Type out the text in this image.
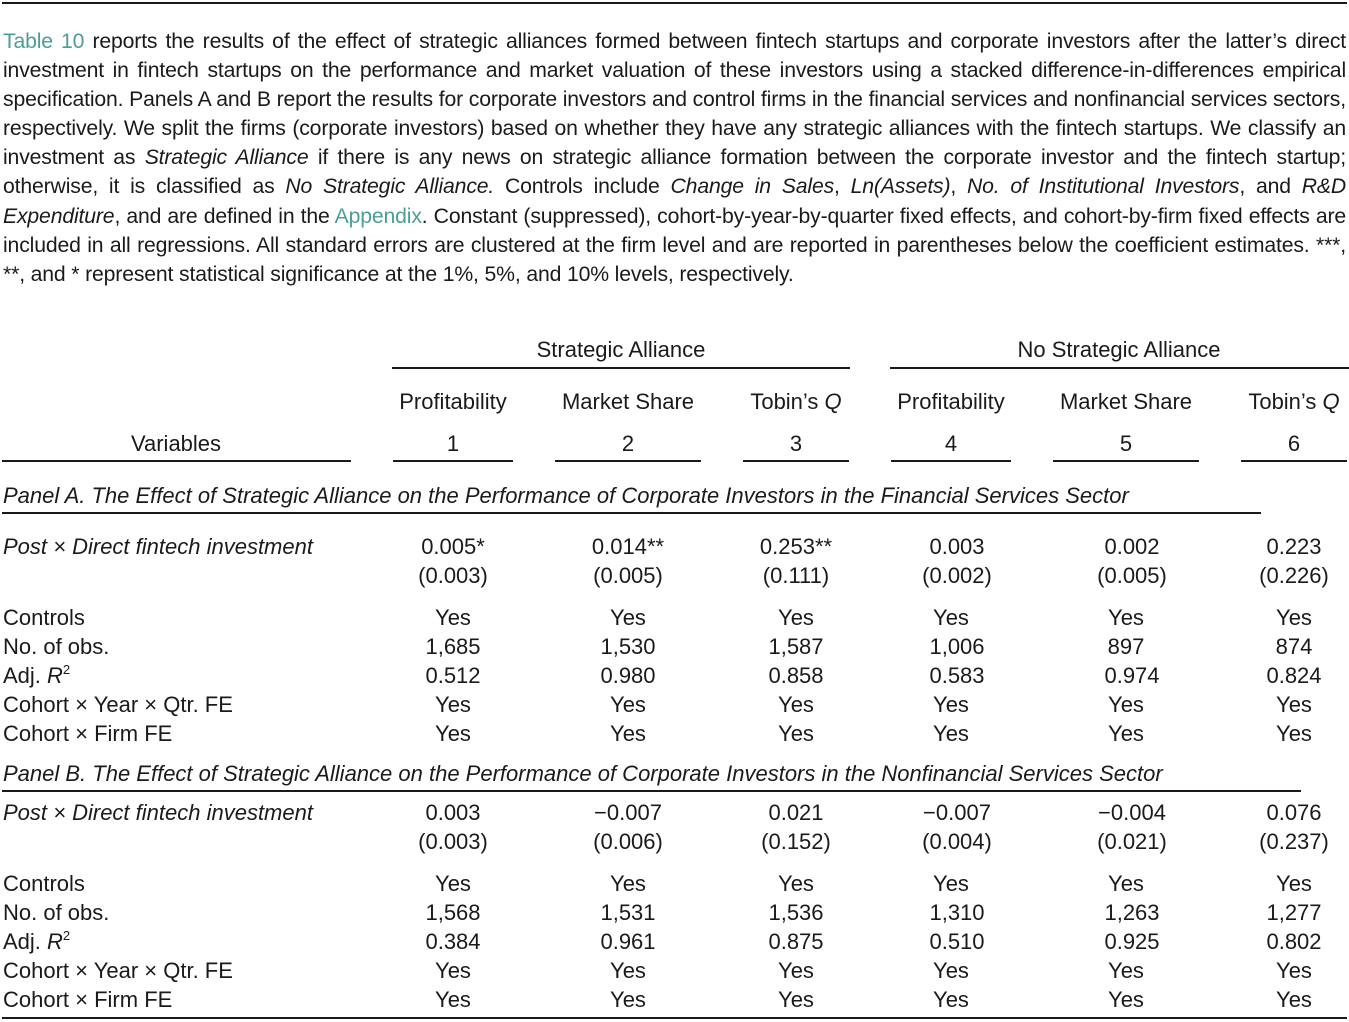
Table 10 reports the results of the effect of strategic alliances formed between fintech startups and corporate investors after the latter’s direct investment in fintech startups on the performance and market valuation of these investors using a stacked difference-in-differences empirical specification. Panels A and B report the results for corporate investors and control firms in the financial services and nonfinancial services sectors, respectively. We split the firms (corporate investors) based on whether they have any strategic alliances with the fintech startups. We classify an investment as Strategic Alliance if there is any news on strategic alliance formation between the corporate investor and the fintech startup; otherwise, it is classified as No Strategic Alliance. Controls include Change in Sales, Ln(Assets), No. of Institutional Investors, and R&D Expenditure, and are defined in the Appendix. Constant (suppressed), cohort-by-year-by-quarter fixed effects, and cohort-by-firm fixed effects are included in all regressions. All standard errors are clustered at the firm level and are reported in parentheses below the coefficient estimates. ***, **, and * represent statistical significance at the 1%, 5%, and 10% levels, respectively.
Strategic Alliance	No Strategic Alliance
Profitability	Market Share	Tobin’s Q	Profitability	Market Share	Tobin’s Q
Variables	1	2	3	4	5	6
Panel A. The Effect of Strategic Alliance on the Performance of Corporate Investors in the Financial Services Sector
Post × Direct fintech investment	0.005*	0.014**	0.253**	0.003	0.002	0.223
(0.003)	(0.005)	(0.111)	(0.002)	(0.005)	(0.226)
Controls	Yes	Yes	Yes	Yes	Yes	Yes
No. of obs.	1,685	1,530	1,587	1,006	897	874
Adj. $R^2$	0.512	0.980	0.858	0.583	0.974	0.824
Cohort × Year × Qtr. FE	Yes	Yes	Yes	Yes	Yes	Yes
Cohort × Firm FE	Yes	Yes	Yes	Yes	Yes	Yes
Panel B. The Effect of Strategic Alliance on the Performance of Corporate Investors in the Nonfinancial Services Sector
Post × Direct fintech investment	0.003	−0.007	0.021	−0.007	−0.004	0.076
(0.003)	(0.006)	(0.152)	(0.004)	(0.021)	(0.237)
Controls	Yes	Yes	Yes	Yes	Yes	Yes
No. of obs.	1,568	1,531	1,536	1,310	1,263	1,277
Adj. $R^2$	0.384	0.961	0.875	0.510	0.925	0.802
Cohort × Year × Qtr. FE	Yes	Yes	Yes	Yes	Yes	Yes
Cohort × Firm FE	Yes	Yes	Yes	Yes	Yes	Yes
